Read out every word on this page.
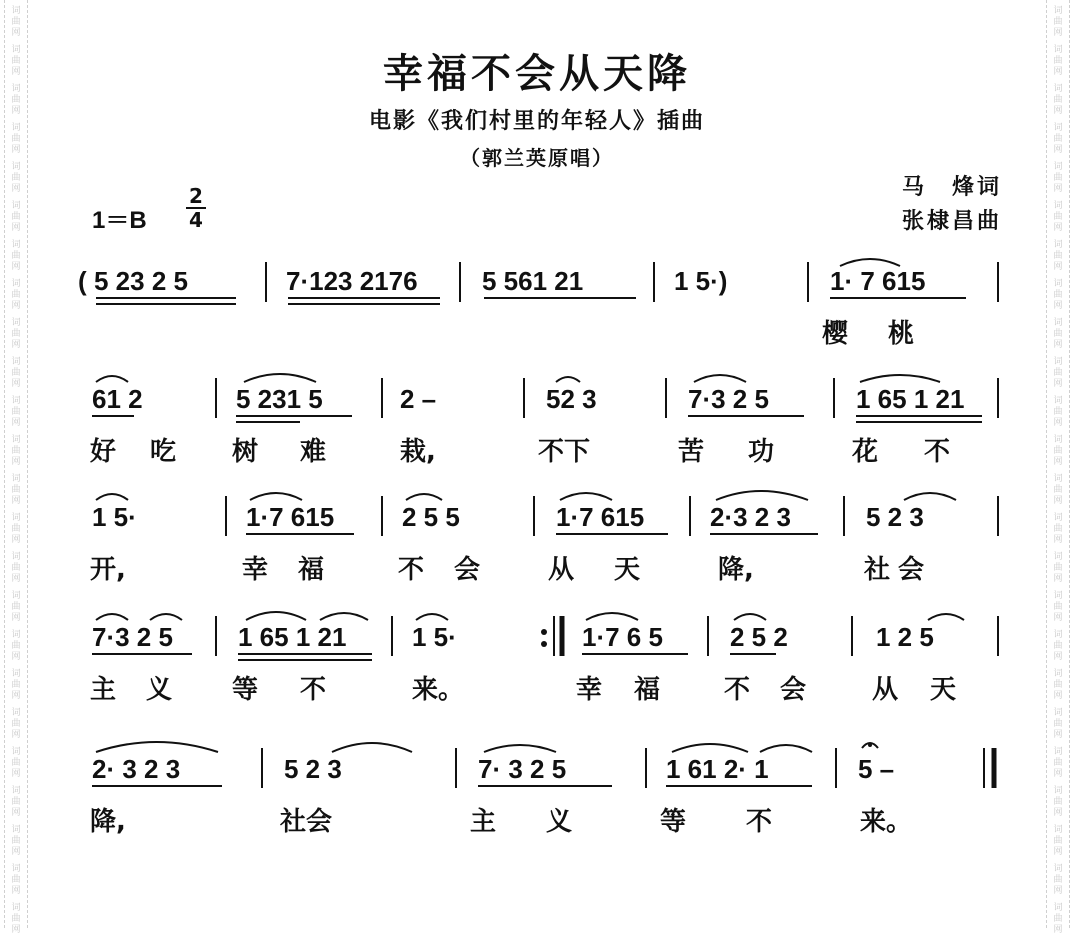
词曲网
词曲网
词曲网
词曲网
词曲网
词曲网
词曲网
词曲网
词曲网
词曲网
词曲网
词曲网
词曲网
词曲网
词曲网
词曲网
词曲网
词曲网
词曲网
词曲网
词曲网
词曲网
词曲网
词曲网
词曲网
词曲网
词曲网
词曲网
词曲网
词曲网
词曲网
词曲网
词曲网
词曲网
词曲网
词曲网
词曲网
词曲网
词曲网
词曲网
词曲网
词曲网
词曲网
词曲网
词曲网
词曲网
词曲网
词曲网
幸福不会从天降
电影《我们村里的年轻人》插曲
（郭兰英原唱）
马　烽词
张棣昌曲
1＝B
2
4
( 5 23 2 5	7·123 2176 5 561 21	1 5·)	1· 7 615
樱 桃
61 2	5 231 5	2 –	52 3	7·3 2 5	1 65 1 21
好 吃 树 难	栽,	不下	苦 功	花 不
1 5·	1·7 615	2 5 5	1·7 615	2·3 2 3	5 2 3
开,	幸 福	不 会	从 天	降,	社 会
7·3 2 5	1 65 1 21	1 5·	1·7 6 5	2 5 2	1 2 5
主 义 等 不	来。	幸 福 不 会	从 天
2· 3 2 3	5 2 3	7· 3 2 5	1 61 2· 1	5 –
降,	社会	主 义	等 不	来。
